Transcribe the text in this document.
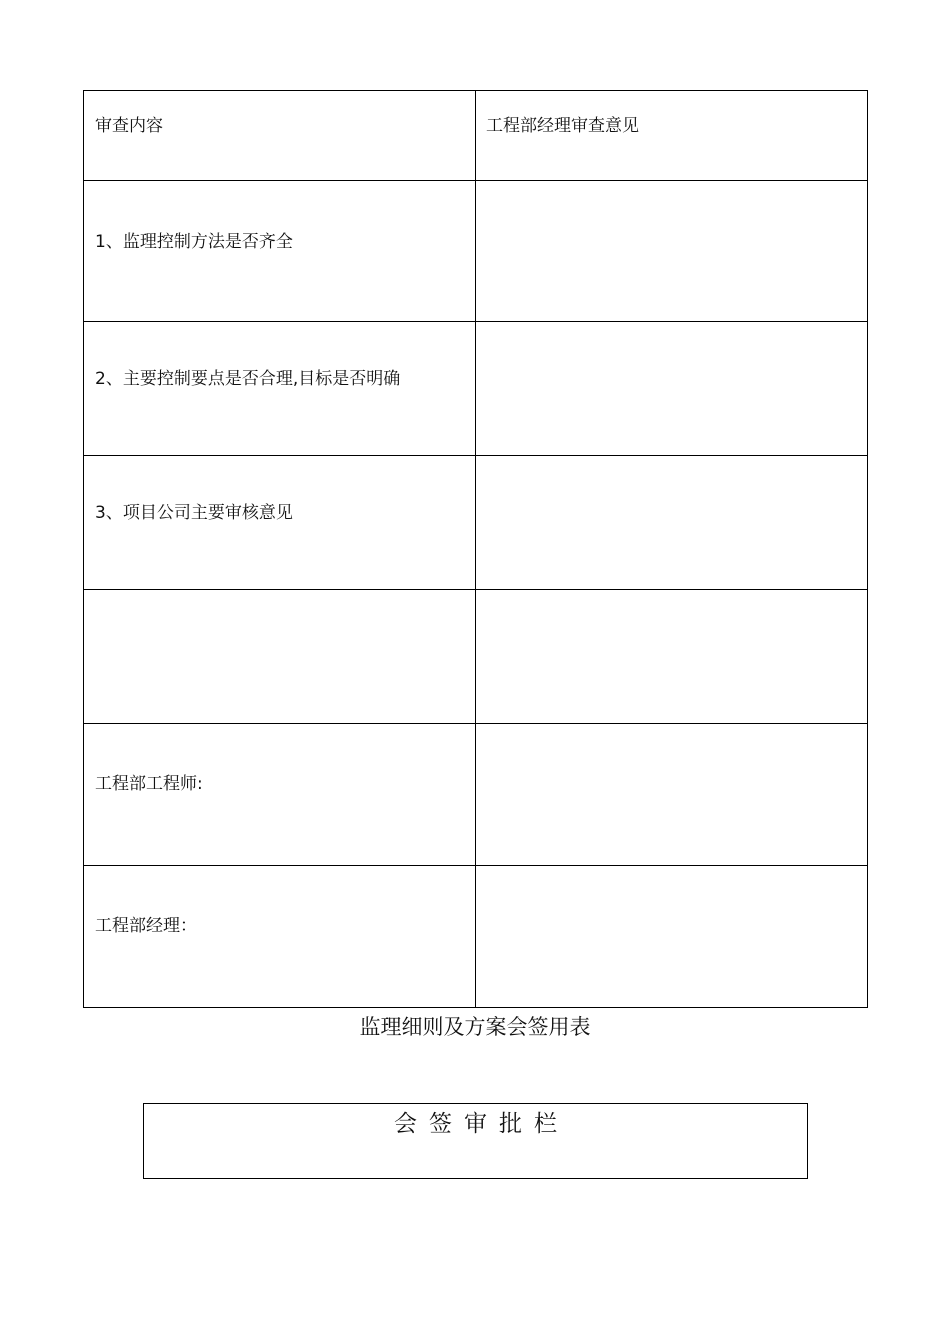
审查内容	工程部经理审查意见

1、监理控制方法是否齐全	

2、主要控制要点是否合理,目标是否明确	

3、项目公司主要审核意见	

工程部工程师:	

工程部经理：	

监理细则及方案会签用表
会签审批栏
